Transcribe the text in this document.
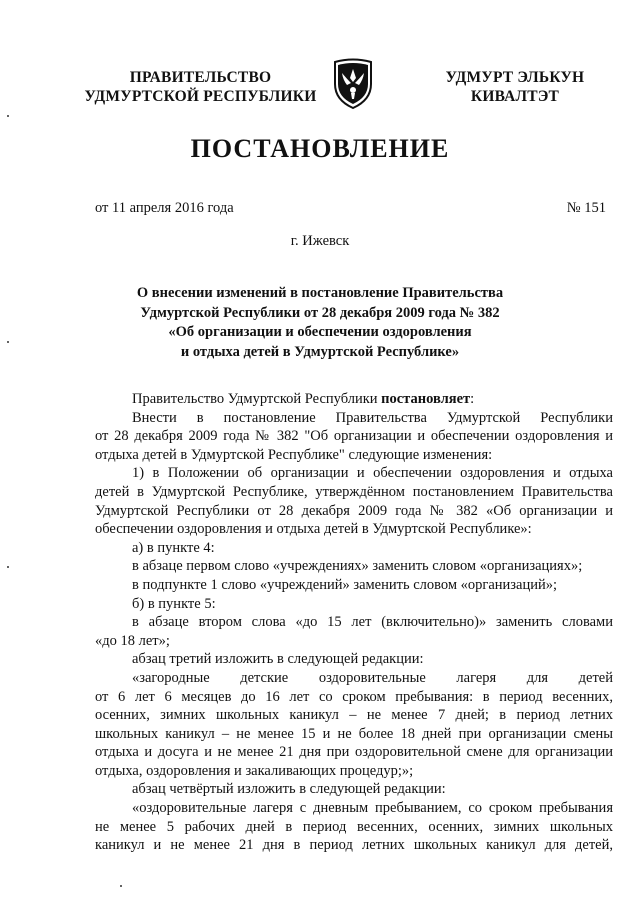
ПРАВИТЕЛЬСТВО
УДМУРТСКОЙ РЕСПУБЛИКИ
УДМУРТ ЭЛЬКУН
КИВАЛТЭТ
ПОСТАНОВЛЕНИЕ
от 11 апреля 2016 года	№ 151
г. Ижевск
О внесении изменений в постановление Правительства
Удмуртской Республики от 28 декабря 2009 года № 382
«Об организации и обеспечении оздоровления
и отдыха детей в Удмуртской Республике»
Правительство Удмуртской Республики постановляет:
Внести в постановление Правительства Удмуртской Республики
от 28 декабря 2009 года № 382 "Об организации и обеспечении оздоровления и
отдыха детей в Удмуртской Республике" следующие изменения:
1) в Положении об организации и обеспечении оздоровления и отдыха
детей в Удмуртской Республике, утверждённом постановлением Правительства
Удмуртской Республики от 28 декабря 2009 года № 382 «Об организации и
обеспечении оздоровления и отдыха детей в Удмуртской Республике»:
а) в пункте 4:
в абзаце первом слово «учреждениях» заменить словом «организациях»;
в подпункте 1 слово «учреждений» заменить словом «организаций»;
б) в пункте 5:
в абзаце втором слова «до 15 лет (включительно)» заменить словами
«до 18 лет»;
абзац третий изложить в следующей редакции:
«загородные детские оздоровительные лагеря для детей
от 6 лет 6 месяцев до 16 лет со сроком пребывания: в период весенних,
осенних, зимних школьных каникул – не менее 7 дней; в период летних
школьных каникул – не менее 15 и не более 18 дней при организации смены
отдыха и досуга и не менее 21 дня при оздоровительной смене для организации
отдыха, оздоровления и закаливающих процедур;»;
абзац четвёртый изложить в следующей редакции:
«оздоровительные лагеря с дневным пребыванием, со сроком пребывания
не менее 5 рабочих дней в период весенних, осенних, зимних школьных
каникул и не менее 21 дня в период летних школьных каникул для детей,
